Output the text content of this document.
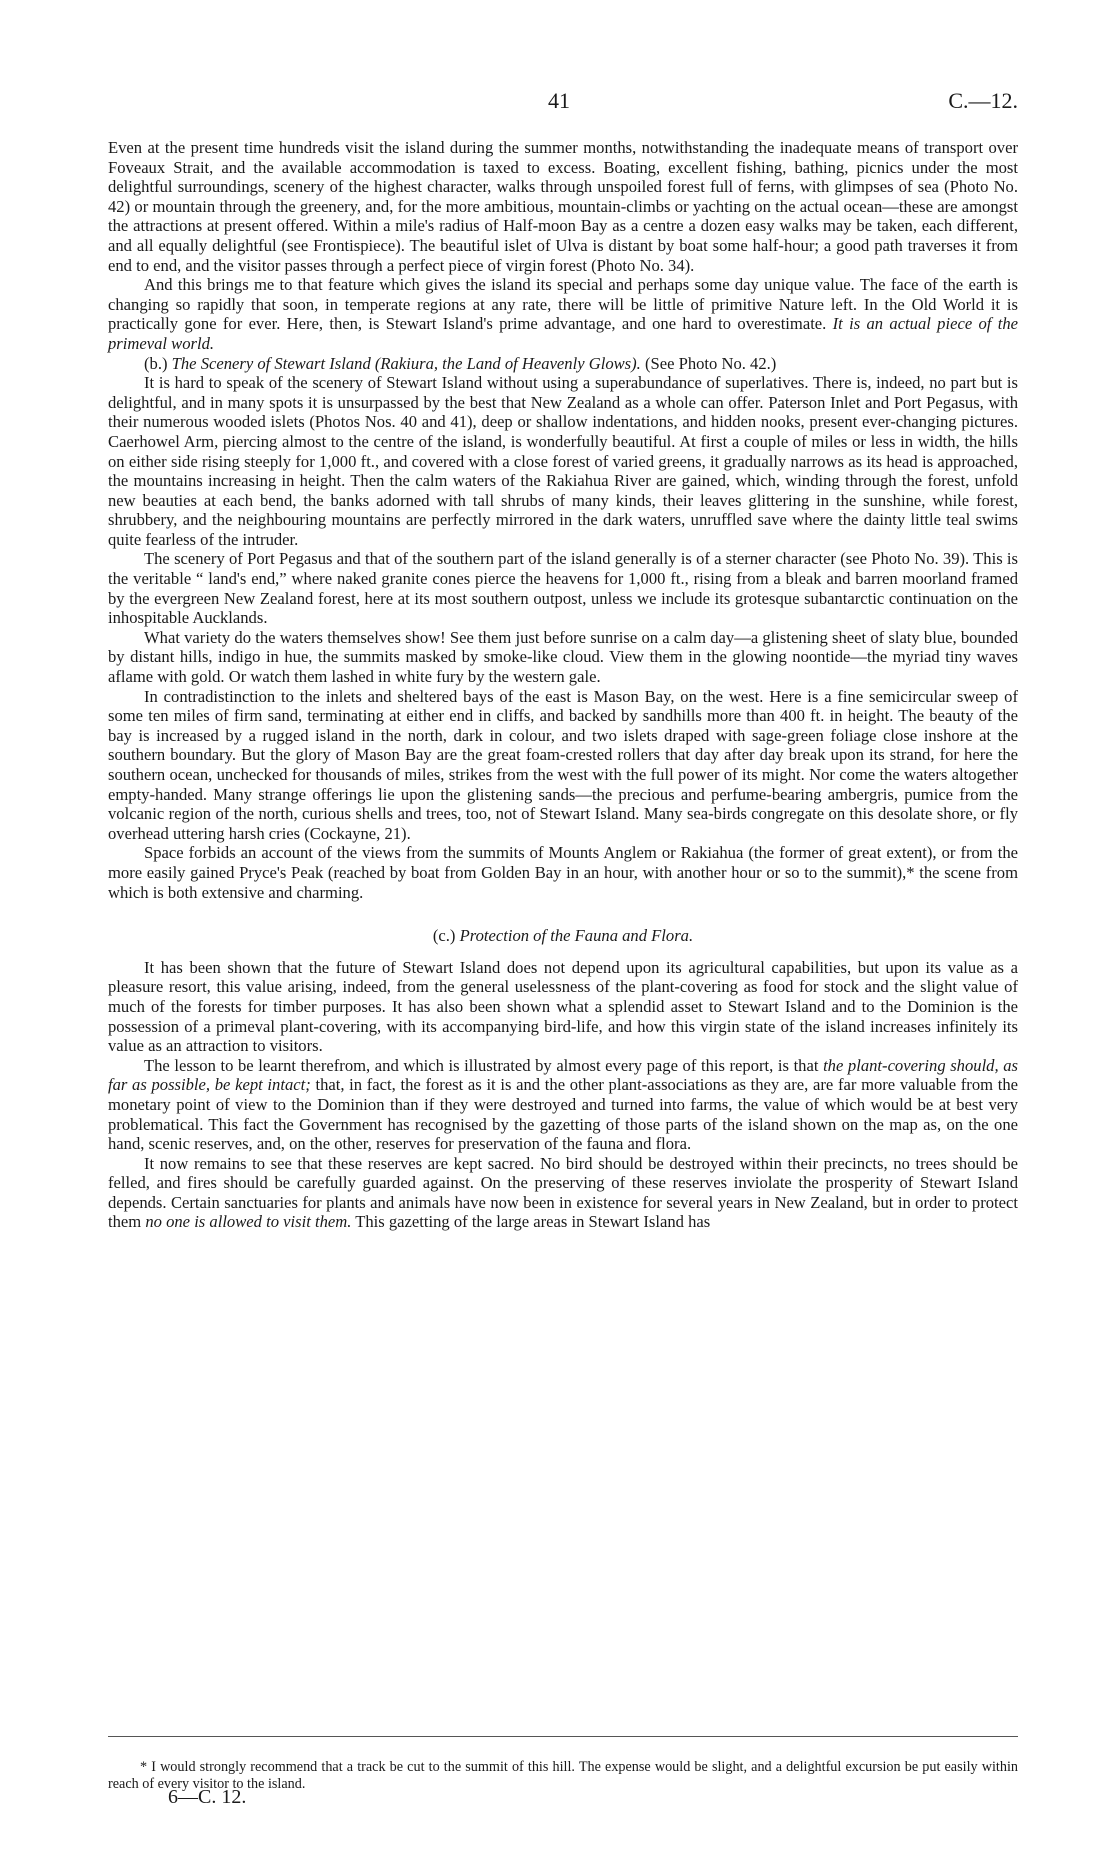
41	C.—12.

Even at the present time hundreds visit the island during the summer months, notwithstanding the inadequate means of transport over Foveaux Strait, and the available accommodation is taxed to excess. Boating, excellent fishing, bathing, picnics under the most delightful surroundings, scenery of the highest character, walks through unspoiled forest full of ferns, with glimpses of sea (Photo No. 42) or mountain through the greenery, and, for the more ambitious, mountain-climbs or yachting on the actual ocean—these are amongst the attractions at present offered. Within a mile's radius of Half-moon Bay as a centre a dozen easy walks may be taken, each different, and all equally delightful (see Frontispiece). The beautiful islet of Ulva is distant by boat some half-hour; a good path traverses it from end to end, and the visitor passes through a perfect piece of virgin forest (Photo No. 34).

And this brings me to that feature which gives the island its special and perhaps some day unique value. The face of the earth is changing so rapidly that soon, in temperate regions at any rate, there will be little of primitive Nature left. In the Old World it is practically gone for ever. Here, then, is Stewart Island's prime advantage, and one hard to overestimate. It is an actual piece of the primeval world.

(b.) The Scenery of Stewart Island (Rakiura, the Land of Heavenly Glows). (See Photo No. 42.)

It is hard to speak of the scenery of Stewart Island without using a superabundance of superlatives. There is, indeed, no part but is delightful, and in many spots it is unsurpassed by the best that New Zealand as a whole can offer. Paterson Inlet and Port Pegasus, with their numerous wooded islets (Photos Nos. 40 and 41), deep or shallow indentations, and hidden nooks, present ever-changing pictures. Caerhowel Arm, piercing almost to the centre of the island, is wonderfully beautiful. At first a couple of miles or less in width, the hills on either side rising steeply for 1,000 ft., and covered with a close forest of varied greens, it gradually narrows as its head is approached, the mountains increasing in height. Then the calm waters of the Rakiahua River are gained, which, winding through the forest, unfold new beauties at each bend, the banks adorned with tall shrubs of many kinds, their leaves glittering in the sunshine, while forest, shrubbery, and the neighbouring mountains are perfectly mirrored in the dark waters, unruffled save where the dainty little teal swims quite fearless of the intruder.

The scenery of Port Pegasus and that of the southern part of the island generally is of a sterner character (see Photo No. 39). This is the veritable “ land's end,” where naked granite cones pierce the heavens for 1,000 ft., rising from a bleak and barren moorland framed by the evergreen New Zealand forest, here at its most southern outpost, unless we include its grotesque subantarctic continuation on the inhospitable Aucklands.

What variety do the waters themselves show! See them just before sunrise on a calm day—a glistening sheet of slaty blue, bounded by distant hills, indigo in hue, the summits masked by smoke-like cloud. View them in the glowing noontide—the myriad tiny waves aflame with gold. Or watch them lashed in white fury by the western gale.

In contradistinction to the inlets and sheltered bays of the east is Mason Bay, on the west. Here is a fine semicircular sweep of some ten miles of firm sand, terminating at either end in cliffs, and backed by sandhills more than 400 ft. in height. The beauty of the bay is increased by a rugged island in the north, dark in colour, and two islets draped with sage-green foliage close inshore at the southern boundary. But the glory of Mason Bay are the great foam-crested rollers that day after day break upon its strand, for here the southern ocean, unchecked for thousands of miles, strikes from the west with the full power of its might. Nor come the waters altogether empty-handed. Many strange offerings lie upon the glistening sands—the precious and perfume-bearing ambergris, pumice from the volcanic region of the north, curious shells and trees, too, not of Stewart Island. Many sea-birds congregate on this desolate shore, or fly overhead uttering harsh cries (Cockayne, 21).

Space forbids an account of the views from the summits of Mounts Anglem or Rakiahua (the former of great extent), or from the more easily gained Pryce's Peak (reached by boat from Golden Bay in an hour, with another hour or so to the summit),* the scene from which is both extensive and charming.

(c.) Protection of the Fauna and Flora.

It has been shown that the future of Stewart Island does not depend upon its agricultural capabilities, but upon its value as a pleasure resort, this value arising, indeed, from the general uselessness of the plant-covering as food for stock and the slight value of much of the forests for timber purposes. It has also been shown what a splendid asset to Stewart Island and to the Dominion is the possession of a primeval plant-covering, with its accompanying bird-life, and how this virgin state of the island increases infinitely its value as an attraction to visitors.

The lesson to be learnt therefrom, and which is illustrated by almost every page of this report, is that the plant-covering should, as far as possible, be kept intact; that, in fact, the forest as it is and the other plant-associations as they are, are far more valuable from the monetary point of view to the Dominion than if they were destroyed and turned into farms, the value of which would be at best very problematical. This fact the Government has recognised by the gazetting of those parts of the island shown on the map as, on the one hand, scenic reserves, and, on the other, reserves for preservation of the fauna and flora.

It now remains to see that these reserves are kept sacred. No bird should be destroyed within their precincts, no trees should be felled, and fires should be carefully guarded against. On the preserving of these reserves inviolate the prosperity of Stewart Island depends. Certain sanctuaries for plants and animals have now been in existence for several years in New Zealand, but in order to protect them no one is allowed to visit them. This gazetting of the large areas in Stewart Island has

* I would strongly recommend that a track be cut to the summit of this hill. The expense would be slight, and a delightful excursion be put easily within reach of every visitor to the island.

6—C. 12.
